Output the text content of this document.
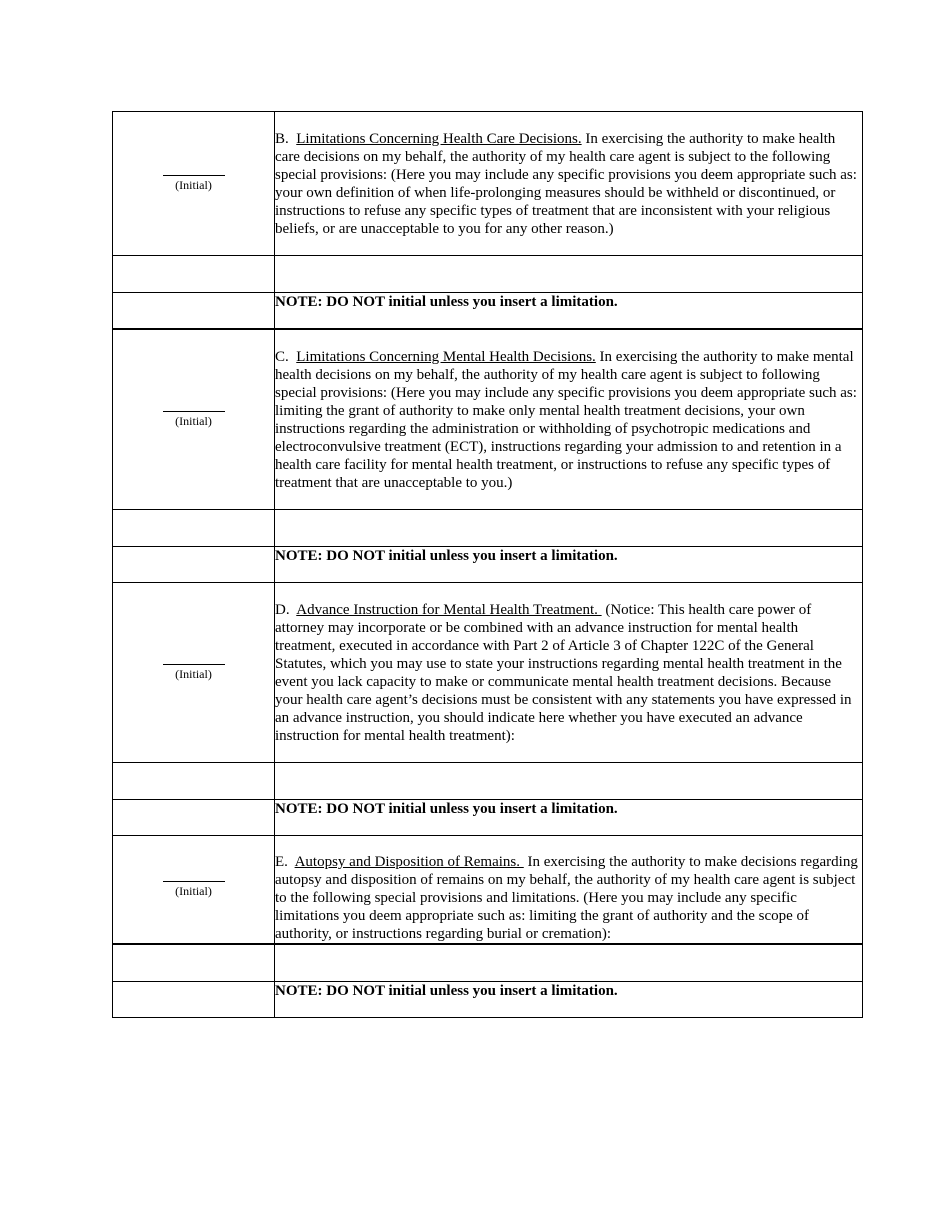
(Initial)	B.  Limitations Concerning Health Care Decisions. In exercising the authority to make health care decisions on my behalf, the authority of my health care agent is subject to the following special provisions: (Here you may include any specific provisions you deem appropriate such as: your own definition of when life-prolonging measures should be withheld or discontinued, or instructions to refuse any specific types of treatment that are inconsistent with your religious beliefs, or are unacceptable to you for any other reason.)

	NOTE: DO NOT initial unless you insert a limitation.

(Initial)	C.  Limitations Concerning Mental Health Decisions. In exercising the authority to make mental health decisions on my behalf, the authority of my health care agent is subject to following special provisions: (Here you may include any specific provisions you deem appropriate such as: limiting the grant of authority to make only mental health treatment decisions, your own instructions regarding the administration or withholding of psychotropic medications and electroconvulsive treatment (ECT), instructions regarding your admission to and retention in a health care facility for mental health treatment, or instructions to refuse any specific types of treatment that are unacceptable to you.)

	NOTE: DO NOT initial unless you insert a limitation.

(Initial)	D.  Advance Instruction for Mental Health Treatment.  (Notice: This health care power of attorney may incorporate or be combined with an advance instruction for mental health treatment, executed in accordance with Part 2 of Article 3 of Chapter 122C of the General Statutes, which you may use to state your instructions regarding mental health treatment in the event you lack capacity to make or communicate mental health treatment decisions. Because your health care agent’s decisions must be consistent with any statements you have expressed in an advance instruction, you should indicate here whether you have executed an advance instruction for mental health treatment):

	NOTE: DO NOT initial unless you insert a limitation.

(Initial)	E.  Autopsy and Disposition of Remains.  In exercising the authority to make decisions regarding autopsy and disposition of remains on my behalf, the authority of my health care agent is subject to the following special provisions and limitations. (Here you may include any specific limitations you deem appropriate such as: limiting the grant of authority and the scope of authority, or instructions regarding burial or cremation):

	NOTE: DO NOT initial unless you insert a limitation.
